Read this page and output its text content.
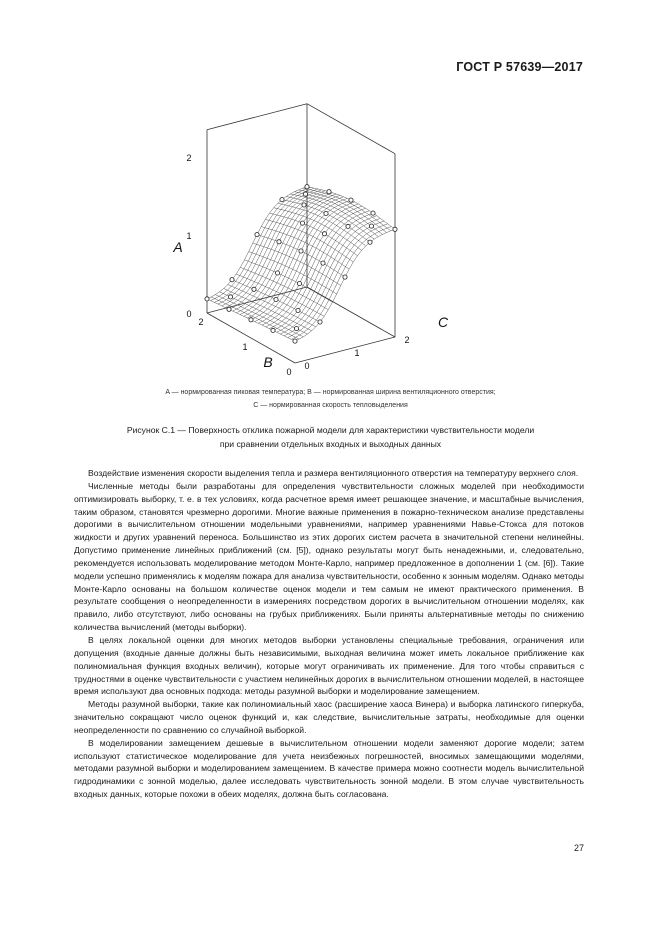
ГОСТ Р 57639—2017
2
1
0
2
1
0
2
1
0
A
B
C
A — нормированная пиковая температура; B — нормированная ширина вентиляционного отверстия;
C — нормированная скорость тепловыделения
Рисунок С.1 — Поверхность отклика пожарной модели для характеристики чувствительности модели
при сравнении отдельных входных и выходных данных

Воздействие изменения скорости выделения тепла и размера вентиляционного отверстия на температуру верхнего слоя.

Численные методы были разработаны для определения чувствительности сложных моделей при необходимости оптимизировать выборку, т. е. в тех условиях, когда расчетное время имеет решающее значение, и масштабные вычисления, таким образом, становятся чрезмерно дорогими. Многие важные применения в пожарно-техническом анализе представлены дорогими в вычислительном отношении модельными уравнениями, например уравнениями Навье-Стокса для потоков жидкости и других уравнений переноса. Большинство из этих дорогих систем расчета в значительной степени нелинейны. Допустимо применение линейных приближений (см. [5]), однако результаты могут быть ненадежными, и, следовательно, рекомендуется использовать моделирование методом Монте-Карло, например предложенное в дополнении 1 (см. [6]). Такие модели успешно применялись к моделям пожара для анализа чувствительности, особенно к зонным моделям. Однако методы Монте-Карло основаны на большом количестве оценок модели и тем самым не имеют практического применения. В результате сообщения о неопределенности в измерениях посредством дорогих в вычислительном отношении моделях, как правило, либо отсутствуют, либо основаны на грубых приближениях. Были приняты альтернативные методы по снижению количества вычислений (методы выборки).

В целях локальной оценки для многих методов выборки установлены специальные требования, ограничения или допущения (входные данные должны быть независимыми, выходная величина может иметь локальное приближение как полиномиальная функция входных величин), которые могут ограничивать их применение. Для того чтобы справиться с трудностями в оценке чувствительности с участием нелинейных дорогих в вычислительном отношении моделей, в настоящее время используют два основных подхода: методы разумной выборки и моделирование замещением.

Методы разумной выборки, такие как полиномиальный хаос (расширение хаоса Винера) и выборка латинского гиперкуба, значительно сокращают число оценок функций и, как следствие, вычислительные затраты, необходимые для оценки неопределенности по сравнению со случайной выборкой.

В моделировании замещением дешевые в вычислительном отношении модели заменяют дорогие модели; затем используют статистическое моделирование для учета неизбежных погрешностей, вносимых замещающими моделями, методами разумной выборки и моделированием замещением. В качестве примера можно соотнести модель вычислительной гидродинамики с зонной моделью, далее исследовать чувствительность зонной модели. В этом случае чувствительность входных данных, которые похожи в обеих моделях, должна быть согласована.

27
